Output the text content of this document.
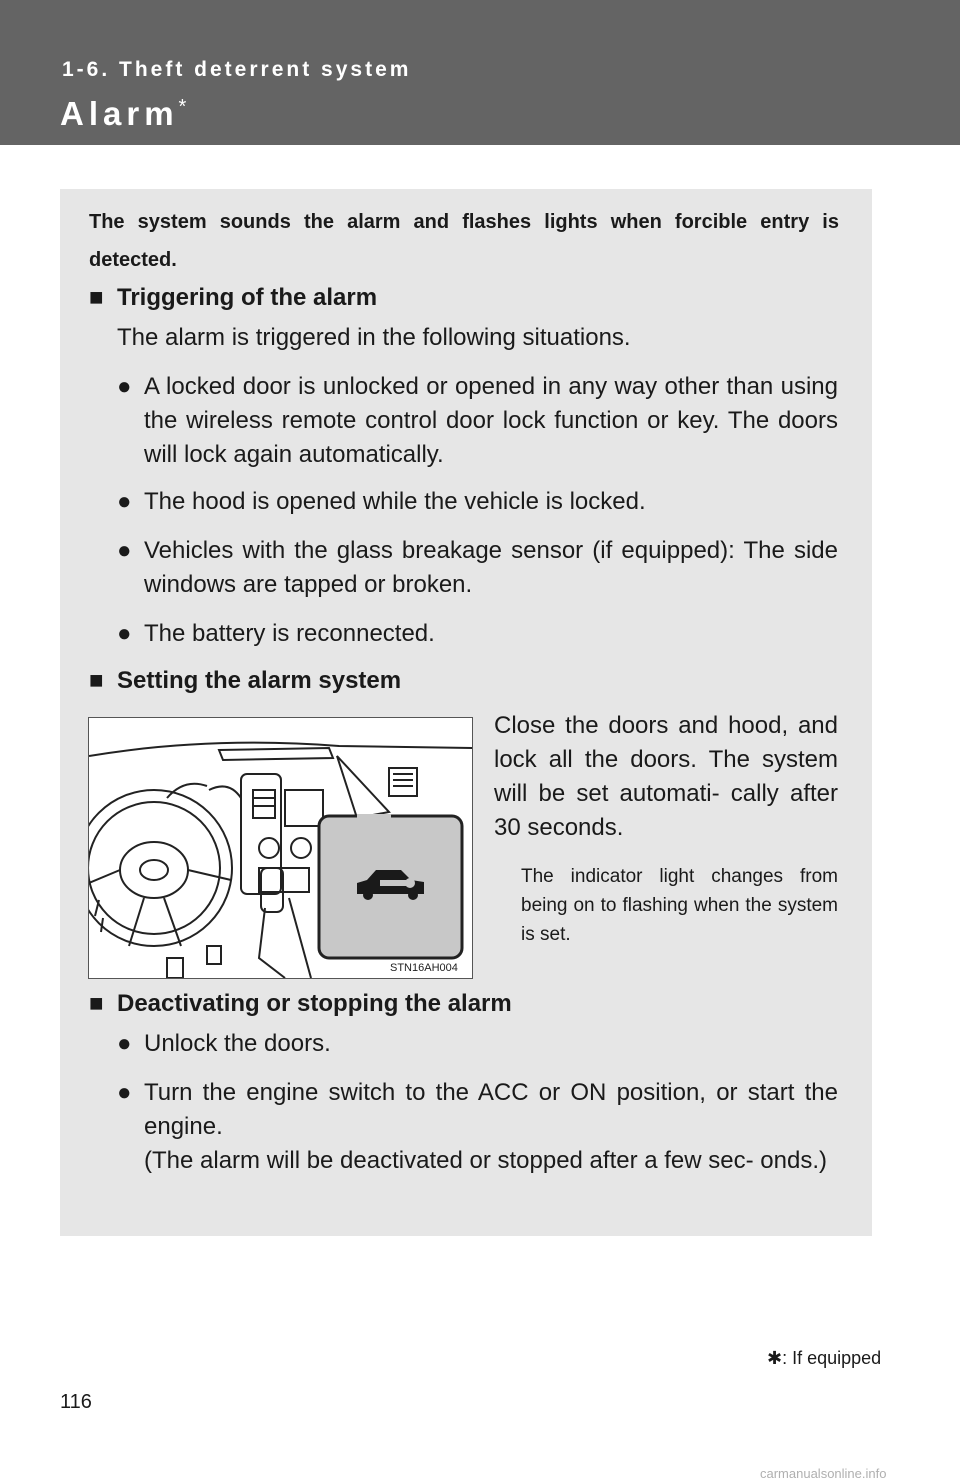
1-6. Theft deterrent system
Alarm*
The system sounds the alarm and flashes lights when forcible entry is detected.
■ Triggering of the alarm
The alarm is triggered in the following situations.
● A locked door is unlocked or opened in any way other than using the wireless remote control door lock function or key. The doors will lock again automatically.
● The hood is opened while the vehicle is locked.
● Vehicles with the glass breakage sensor (if equipped): The side windows are tapped or broken.
● The battery is reconnected.
■ Setting the alarm system
STN16AH004
Close the doors and hood, and lock all the doors. The system will be set automati- cally after 30 seconds.
The indicator light changes from being on to flashing when the system is set.
■ Deactivating or stopping the alarm
● Unlock the doors.
● Turn the engine switch to the ACC or ON position, or start the engine.
(The alarm will be deactivated or stopped after a few sec- onds.)
✱: If equipped
116
carmanualsonline.info
